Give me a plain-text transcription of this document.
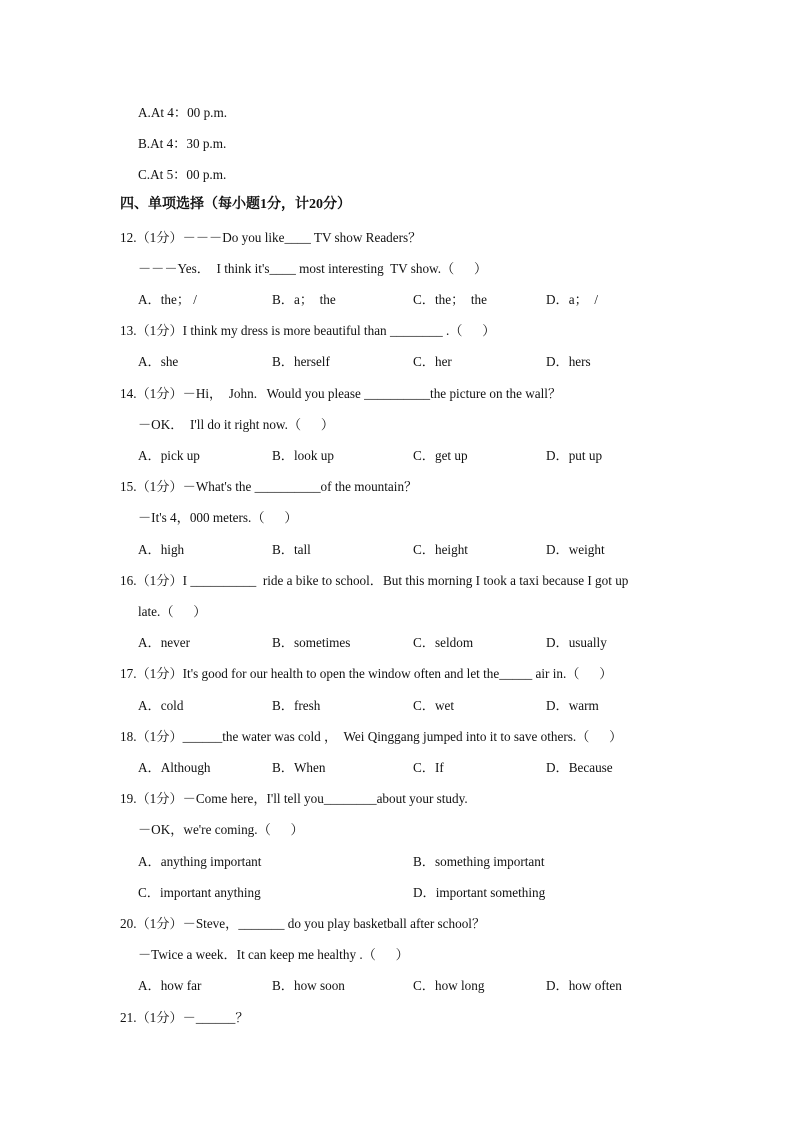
A.At 4：00 p.m.
B.At 4：30 p.m.
C.At 5：00 p.m.
四、单项选择（每小题1分，计20分）
12.（1分）－－－Do you like____ TV show Readers？
－－－Yes．  I think it's____ most interesting  TV show.（      ）
A．the； /	B．a；  the	C．the；  the	D．a；  /
13.（1分）I think my dress is more beautiful than ________ .（      ）
A．she	B．herself	C．her	D．hers
14.（1分）－Hi，  John.   Would you please __________the picture on the wall？
－OK．  I'll do it right now.（      ）
A．pick up	B．look up	C．get up	D．put up
15.（1分）－What's the __________of the mountain？
－It's 4，000 meters.（      ）
A．high	B．tall	C．height	D．weight
16.（1分）I __________  ride a bike to school．But this morning I took a taxi because I got up
late.（      ）
A．never	B．sometimes	C．seldom	D．usually
17.（1分）It's good for our health to open the window often and let the_____ air in.（      ）
A．cold	B．fresh	C．wet	D．warm
18.（1分）______the water was cold ，  Wei Qinggang jumped into it to save others.（      ）
A．Although	B．When	C．If	D．Because
19.（1分）－Come here，I'll tell you________about your study.
－OK，we're coming.（      ）
A．anything important	B．something important
C．important anything	D．important something
20.（1分）－Steve，_______ do you play basketball after school？
－Twice a week．It can keep me healthy .（      ）
A．how far	B．how soon	C．how long	D．how often
21.（1分）－______？
